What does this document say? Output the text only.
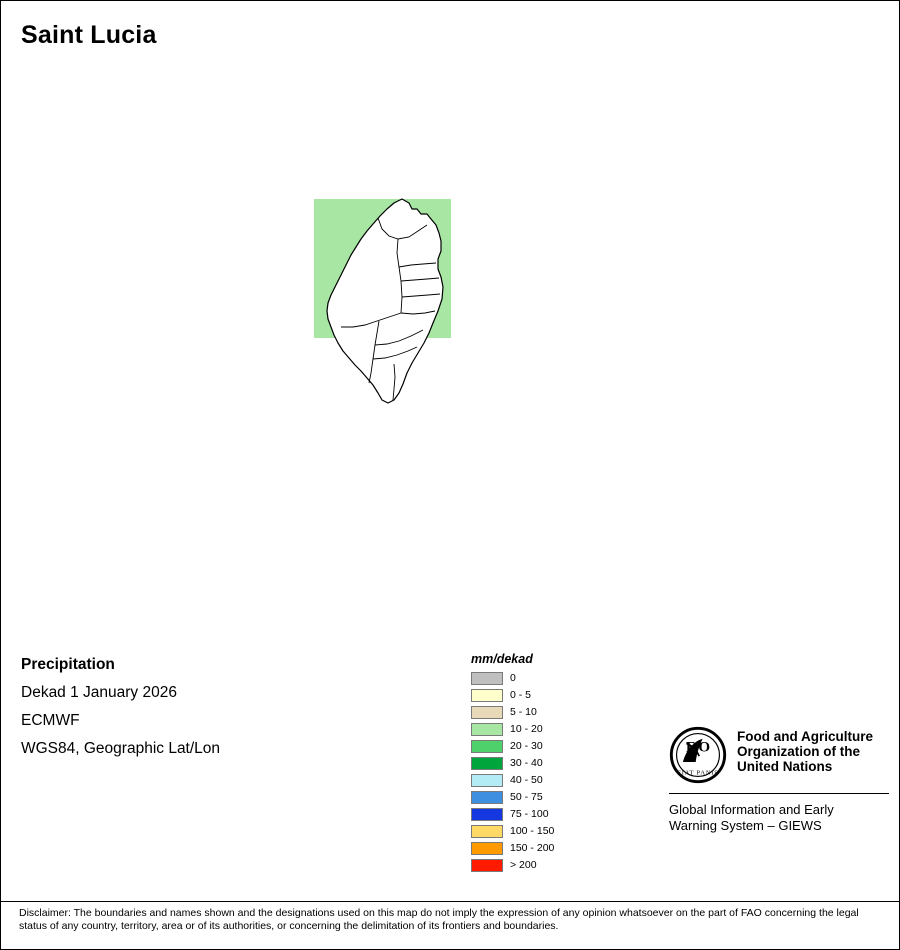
Saint Lucia
Precipitation
Dekad 1 January 2026
ECMWF
WGS84, Geographic Lat/Lon
mm/dekad
0
0 - 5
5 - 10
10 - 20
20 - 30
30 - 40
40 - 50
50 - 75
75 - 100
100 - 150
150 - 200
> 200
F O
FIAT PANIS
Food and Agriculture
Organization of the
United Nations
Global Information and Early
Warning System – GIEWS
Disclaimer: The boundaries and names shown and the designations used on this map do not imply the expression of any opinion whatsoever on the part of FAO concerning the legal status of any country, territory, area or of its authorities, or concerning the delimitation of its frontiers and boundaries.
